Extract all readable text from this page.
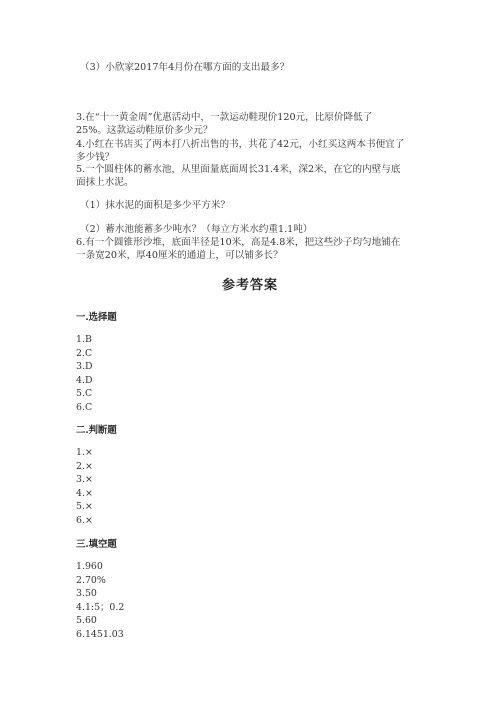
（3）小欣家2017年4月份在哪方面的支出最多？
3.在“十一黄金周”优惠活动中，一款运动鞋现价120元，比原价降低了
25%。这款运动鞋原价多少元？
4.小红在书店买了两本打八折出售的书，共花了42元，小红买这两本书便宜了
多少钱？
5.一个圆柱体的蓄水池，从里面量底面周长31.4米，深2米，在它的内壁与底
面抹上水泥。
（1）抹水泥的面积是多少平方米？
（2）蓄水池能蓄多少吨水？（每立方米水约重1.1吨）
6.有一个圆锥形沙堆，底面半径是10米，高是4.8米，把这些沙子均匀地铺在
一条宽20米，厚40厘米的通道上，可以铺多长？
参考答案
一.选择题
1.B
2.C
3.D
4.D
5.C
6.C
二.判断题
1.×
2.×
3.×
4.×
5.×
6.×
三.填空题
1.960
2.70%
3.50
4.1:5；0.2
5.60
6.1451.03
